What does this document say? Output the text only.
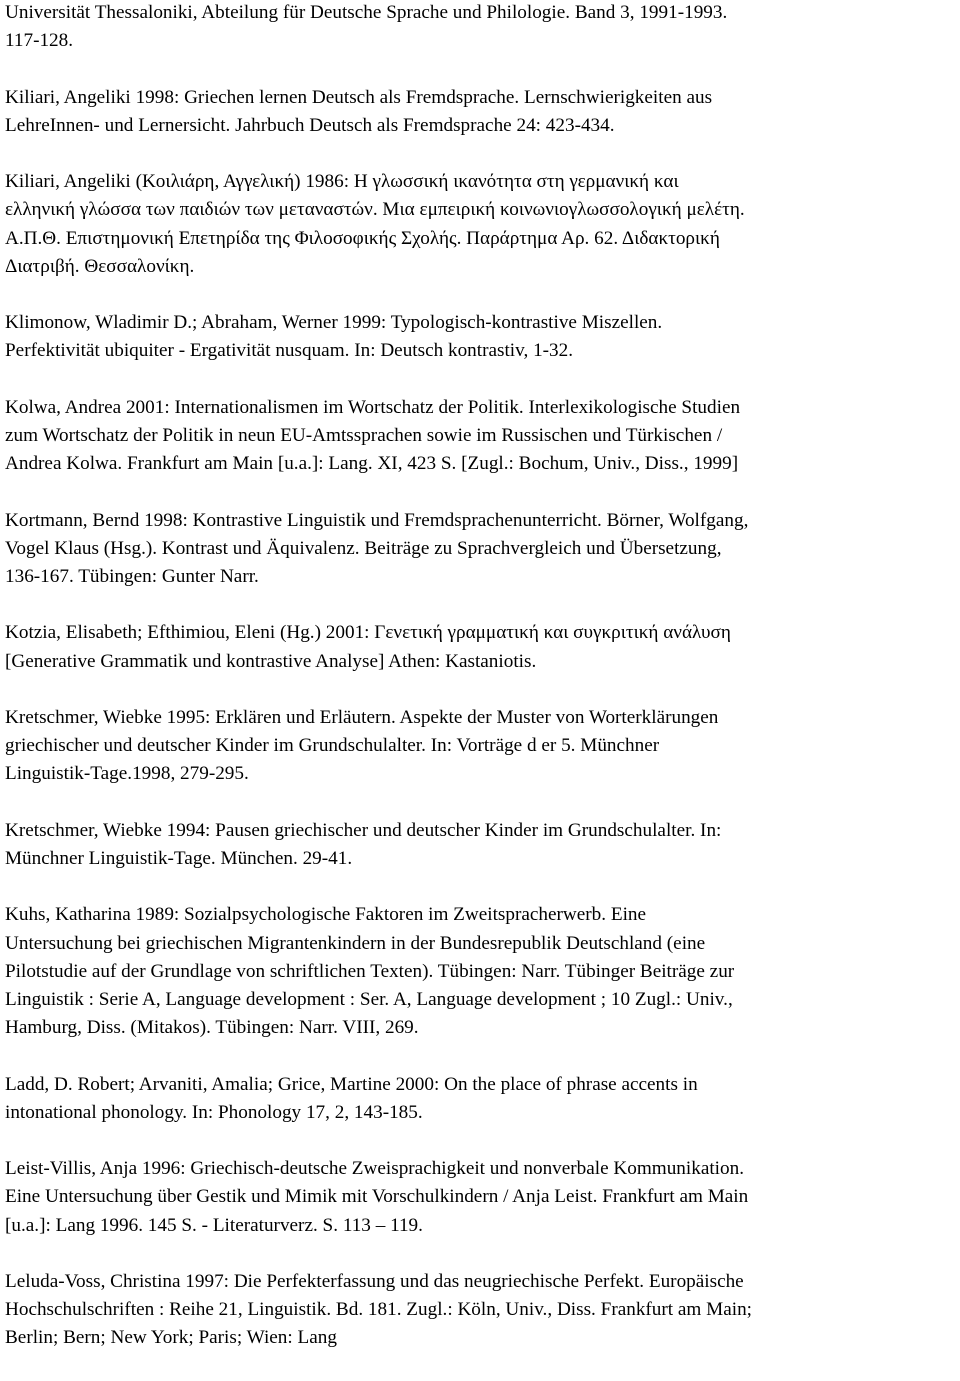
Universität Thessaloniki, Abteilung für Deutsche Sprache und Philologie. Band 3, 1991-1993.
117-128.
Kiliari, Angeliki 1998: Griechen lernen Deutsch als Fremdsprache. Lernschwierigkeiten aus
LehreInnen- und Lernersicht. Jahrbuch Deutsch als Fremdsprache 24: 423-434.
Kiliari, Angeliki (Κοιλιάρη, Αγγελική) 1986: Η γλωσσική ικανότητα στη γερμανική και
ελληνική γλώσσα των παιδιών των μεταναστών. Μια εμπειρική κοινωνιογλωσσολογική μελέτη.
Α.Π.Θ. Επιστημονική Επετηρίδα της Φιλοσοφικής Σχολής. Παράρτημα Αρ. 62. Διδακτορική
Διατριβή. Θεσσαλονίκη.
Klimonow, Wladimir D.; Abraham, Werner 1999: Typologisch-kontrastive Miszellen.
Perfektivität ubiquiter - Ergativität nusquam. In: Deutsch kontrastiv, 1-32.
Kolwa, Andrea 2001: Internationalismen im Wortschatz der Politik. Interlexikologische Studien
zum Wortschatz der Politik in neun EU-Amtssprachen sowie im Russischen und Türkischen /
Andrea Kolwa. Frankfurt am Main [u.a.]: Lang. XI, 423 S. [Zugl.: Bochum, Univ., Diss., 1999]
Kortmann, Bernd 1998: Kontrastive Linguistik und Fremdsprachenunterricht. Börner, Wolfgang,
Vogel Klaus (Hsg.). Kontrast und Äquivalenz. Beiträge zu Sprachvergleich und Übersetzung,
136-167. Tübingen: Gunter Narr.
Kotzia, Elisabeth; Efthimiou, Eleni (Hg.) 2001: Γενετική γραμματική και συγκριτική ανάλυση
[Generative Grammatik und kontrastive Analyse] Athen: Kastaniotis.
Kretschmer, Wiebke 1995: Erklären und Erläutern. Aspekte der Muster von Worterklärungen
griechischer und deutscher Kinder im Grundschulalter. In: Vorträge d er 5. Münchner
Linguistik-Tage.1998, 279-295.
Kretschmer, Wiebke 1994: Pausen griechischer und deutscher Kinder im Grundschulalter. In:
Münchner Linguistik-Tage. München. 29-41.
Kuhs, Katharina 1989: Sozialpsychologische Faktoren im Zweitspracherwerb. Eine
Untersuchung bei griechischen Migrantenkindern in der Bundesrepublik Deutschland (eine
Pilotstudie auf der Grundlage von schriftlichen Texten). Tübingen: Narr. Tübinger Beiträge zur
Linguistik : Serie A, Language development : Ser. A, Language development ; 10 Zugl.: Univ.,
Hamburg, Diss. (Mitakos). Tübingen: Narr. VIII, 269.
Ladd, D. Robert; Arvaniti, Amalia; Grice, Martine 2000: On the place of phrase accents in
intonational phonology. In: Phonology 17, 2, 143-185.
Leist-Villis, Anja 1996: Griechisch-deutsche Zweisprachigkeit und nonverbale Kommunikation.
Eine Untersuchung über Gestik und Mimik mit Vorschulkindern / Anja Leist. Frankfurt am Main
[u.a.]: Lang 1996. 145 S. - Literaturverz. S. 113 – 119.
Leluda-Voss, Christina 1997: Die Perfekterfassung und das neugriechische Perfekt. Europäische
Hochschulschriften : Reihe 21, Linguistik. Bd. 181. Zugl.: Köln, Univ., Diss. Frankfurt am Main;
Berlin; Bern; New York; Paris; Wien: Lang
